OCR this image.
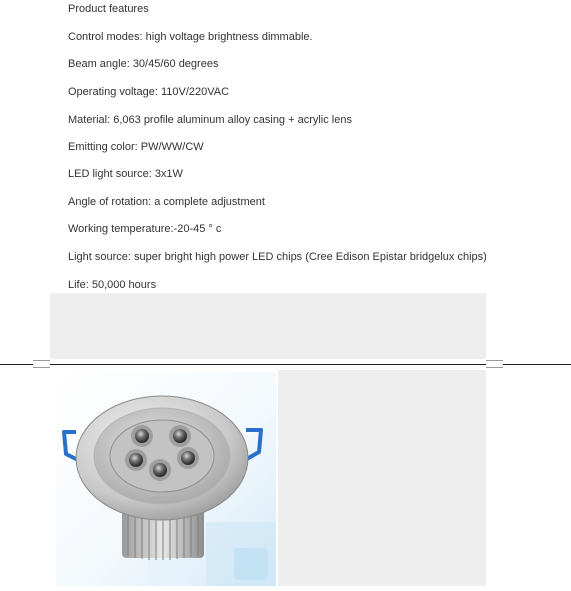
Product features
Control modes: high voltage brightness dimmable.
Beam angle: 30/45/60 degrees
Operating voltage: 110V/220VAC
Material: 6,063 profile aluminum alloy casing + acrylic lens
Emitting color: PW/WW/CW
LED light source: 3x1W
Angle of rotation: a complete adjustment
Working temperature:-20-45 ° c
Light source: super bright high power LED chips (Cree Edison Epistar bridgelux chips)
Life: 50,000 hours
